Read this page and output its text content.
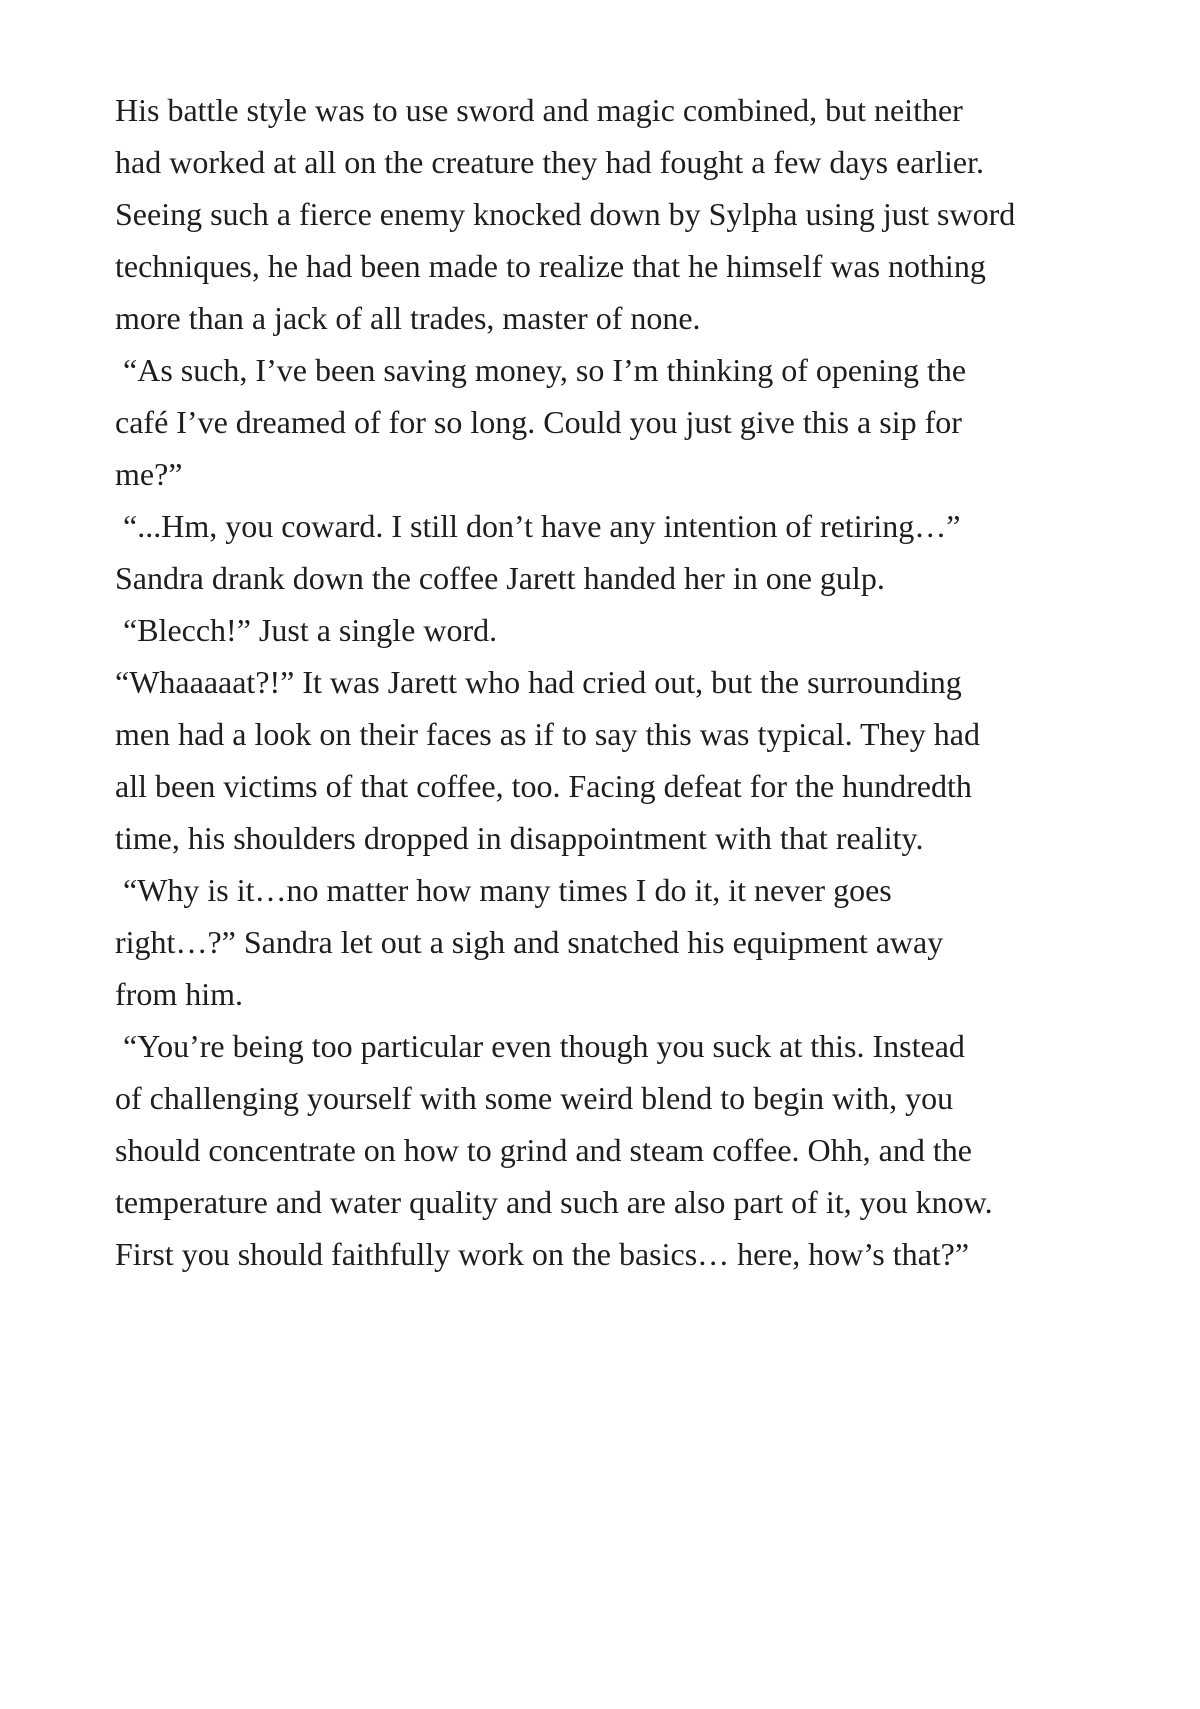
His battle style was to use sword and magic combined, but neither
had worked at all on the creature they had fought a few days earlier.
Seeing such a fierce enemy knocked down by Sylpha using just sword
techniques, he had been made to realize that he himself was nothing
more than a jack of all trades, master of none.
“As such, I’ve been saving money, so I’m thinking of opening the
café I’ve dreamed of for so long. Could you just give this a sip for
me?”
“...Hm, you coward. I still don’t have any intention of retiring…”
Sandra drank down the coffee Jarett handed her in one gulp.
“Blecch!” Just a single word.
“Whaaaaat?!” It was Jarett who had cried out, but the surrounding
men had a look on their faces as if to say this was typical. They had
all been victims of that coffee, too. Facing defeat for the hundredth
time, his shoulders dropped in disappointment with that reality.
“Why is it…no matter how many times I do it, it never goes
right…?” Sandra let out a sigh and snatched his equipment away
from him.
“You’re being too particular even though you suck at this. Instead
of challenging yourself with some weird blend to begin with, you
should concentrate on how to grind and steam coffee. Ohh, and the
temperature and water quality and such are also part of it, you know.
First you should faithfully work on the basics… here, how’s that?”
